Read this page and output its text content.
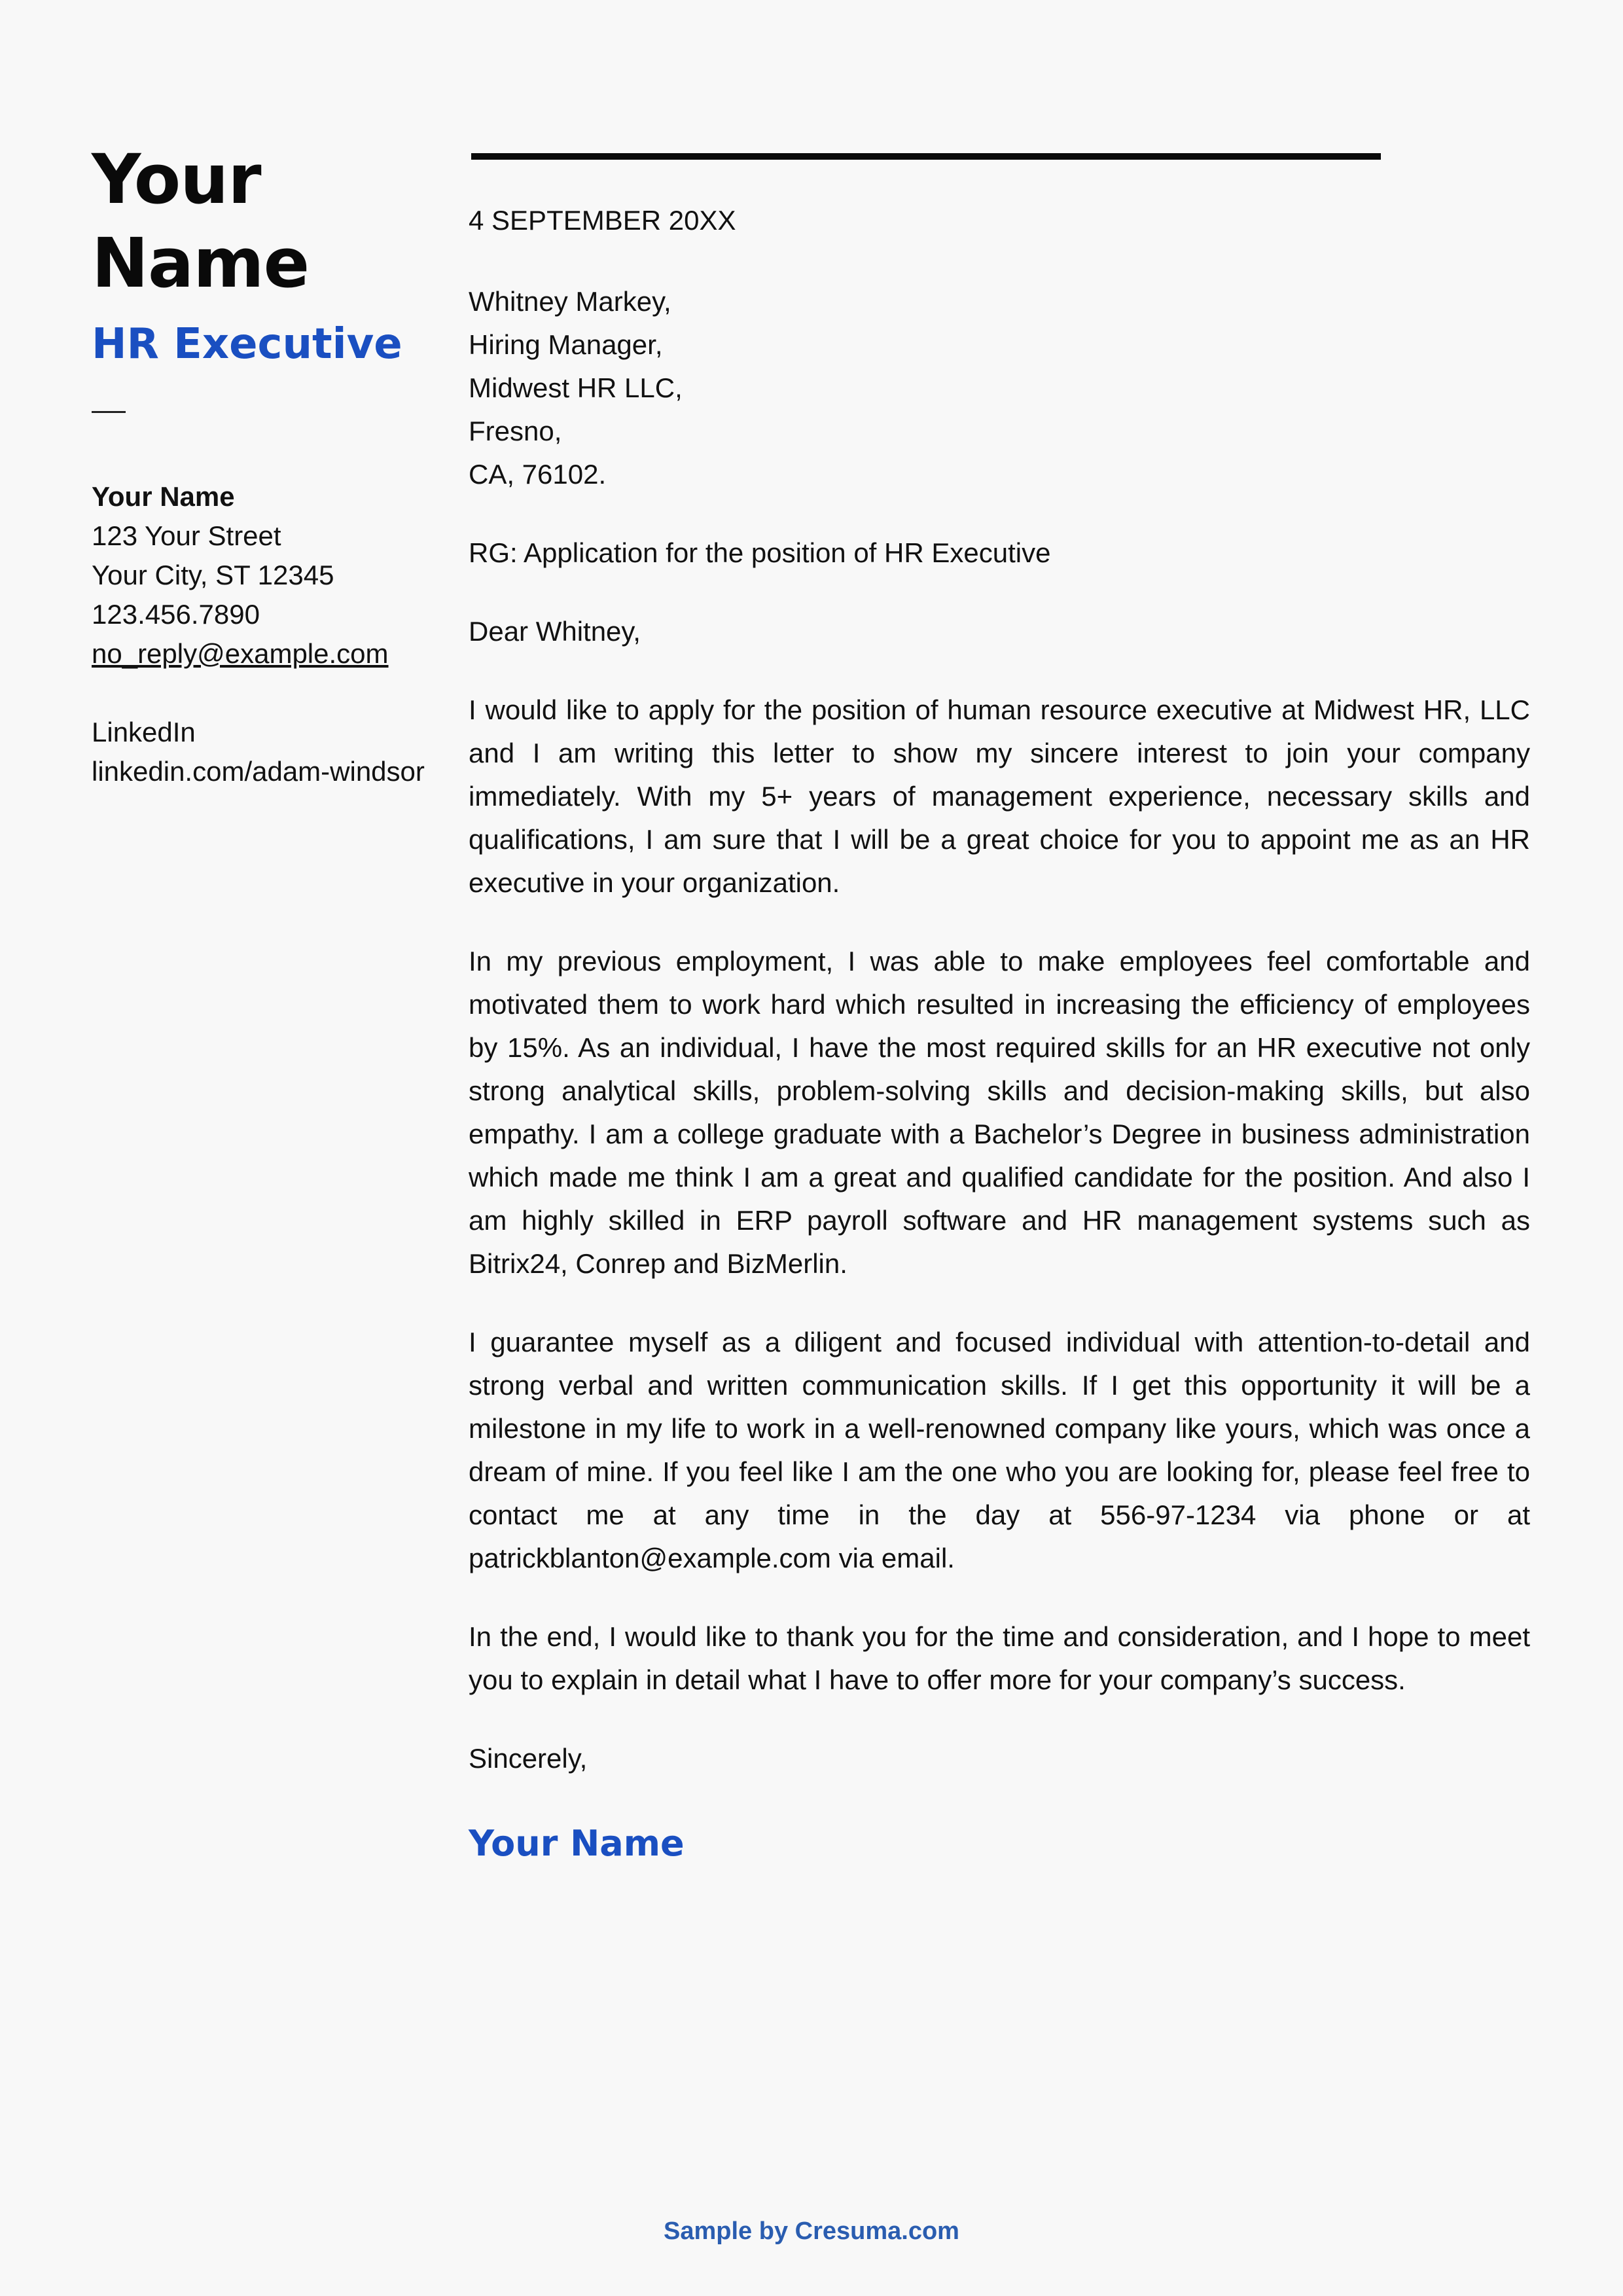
Your
Name
HR Executive
Your Name
123 Your Street
Your City, ST 12345
123.456.7890
no_reply@example.com
LinkedIn
linkedin.com/adam-windsor

4 SEPTEMBER 20XX

Whitney Markey,
Hiring Manager,
Midwest HR LLC,
Fresno,
CA, 76102.

RG: Application for the position of HR Executive

Dear Whitney,

I would like to apply for the position of human resource executive at Midwest HR, LLC and I am writing this letter to show my sincere interest to join your company immediately. With my 5+ years of management experience, necessary skills and qualifications, I am sure that I will be a great choice for you to appoint me as an HR executive in your organization.

In my previous employment, I was able to make employees feel comfortable and motivated them to work hard which resulted in increasing the efficiency of employees by 15%. As an individual, I have the most required skills for an HR executive not only strong analytical skills, problem-solving skills and decision-making skills, but also empathy. I am a college graduate with a Bachelor’s Degree in business administration which made me think I am a great and qualified candidate for the position. And also I am highly skilled in ERP payroll software and HR management systems such as Bitrix24, Conrep and BizMerlin.

I guarantee myself as a diligent and focused individual with attention-to-detail and strong verbal and written communication skills. If I get this opportunity it will be a milestone in my life to work in a well-renowned company like yours, which was once a dream of mine. If you feel like I am the one who you are looking for, please feel free to contact me at any time in the day at 556-97-1234 via phone or at patrickblanton@example.com via email.

In the end, I would like to thank you for the time and consideration, and I hope to meet you to explain in detail what I have to offer more for your company’s success.

Sincerely,

Your Name
Sample by Cresuma.com
